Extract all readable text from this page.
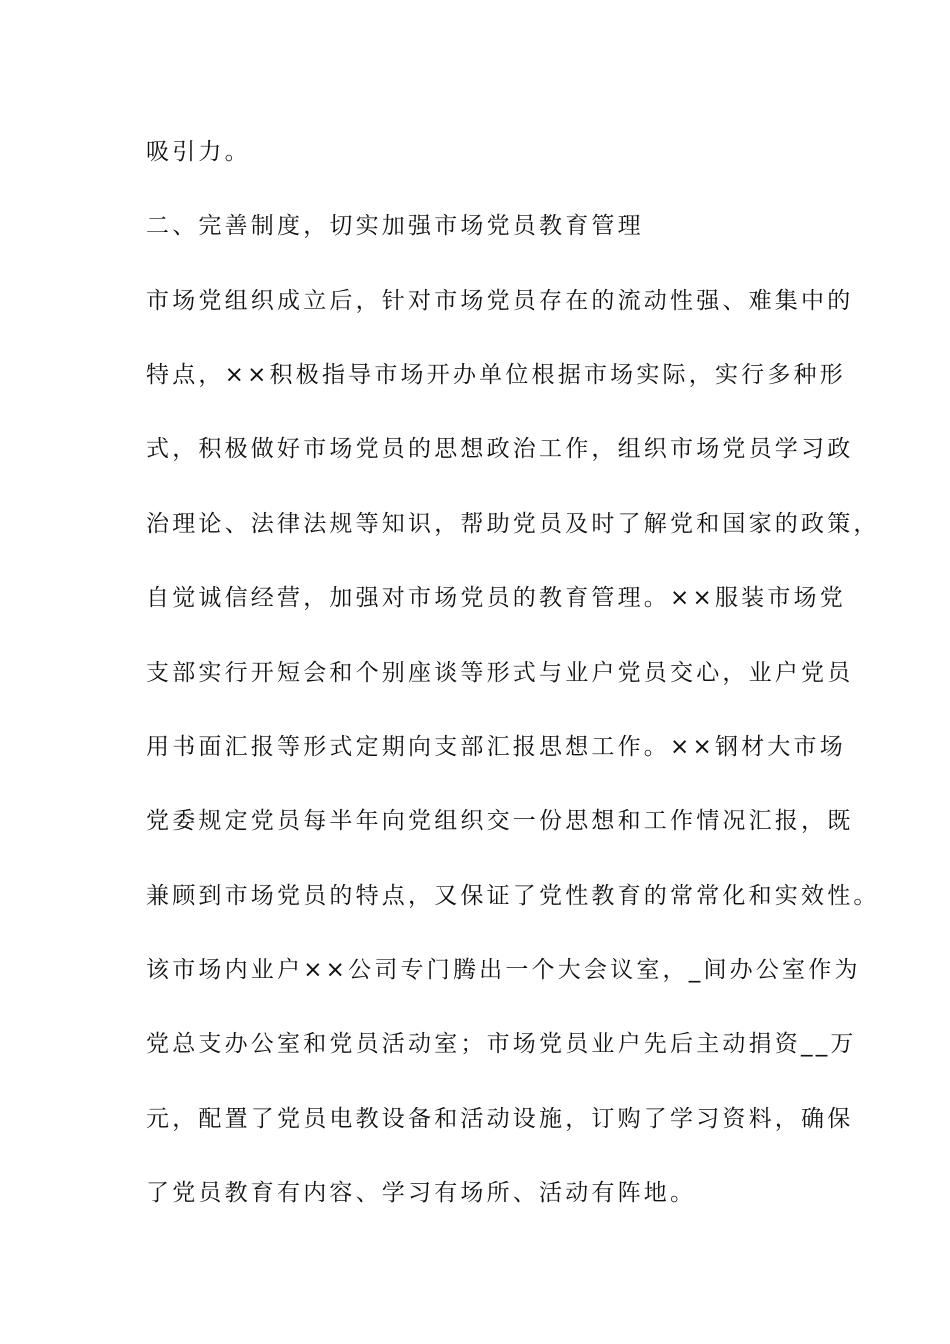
吸引力。
二、完善制度，切实加强市场党员教育管理
市场党组织成立后，针对市场党员存在的流动性强、难集中的
特点，××积极指导市场开办单位根据市场实际，实行多种形
式，积极做好市场党员的思想政治工作，组织市场党员学习政
治理论、法律法规等知识，帮助党员及时了解党和国家的政策，
自觉诚信经营，加强对市场党员的教育管理。××服装市场党
支部实行开短会和个别座谈等形式与业户党员交心，业户党员
用书面汇报等形式定期向支部汇报思想工作。××钢材大市场
党委规定党员每半年向党组织交一份思想和工作情况汇报，既
兼顾到市场党员的特点，又保证了党性教育的常常化和实效性。
该市场内业户××公司专门腾出一个大会议室，_间办公室作为
党总支办公室和党员活动室；市场党员业户先后主动捐资__万
元，配置了党员电教设备和活动设施，订购了学习资料，确保
了党员教育有内容、学习有场所、活动有阵地。
